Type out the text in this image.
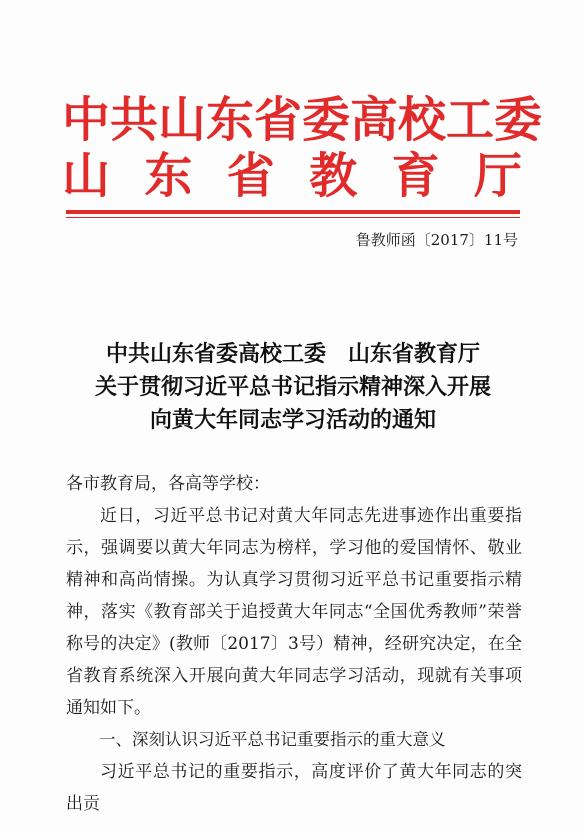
中共山东省委高校工委
山东省教育厅
鲁教师函〔2017〕11号
中共山东省委高校工委　山东省教育厅
关于贯彻习近平总书记指示精神深入开展
向黄大年同志学习活动的通知
各市教育局，各高等学校：

近日，习近平总书记对黄大年同志先进事迹作出重要指示，强调要以黄大年同志为榜样，学习他的爱国情怀、敬业精神和高尚情操。为认真学习贯彻习近平总书记重要指示精神，落实《教育部关于追授黄大年同志“全国优秀教师”荣誉称号的决定》(教师〔2017〕3号）精神，经研究决定，在全省教育系统深入开展向黄大年同志学习活动，现就有关事项通知如下。

一、深刻认识习近平总书记重要指示的重大意义

习近平总书记的重要指示，高度评价了黄大年同志的突出贡
